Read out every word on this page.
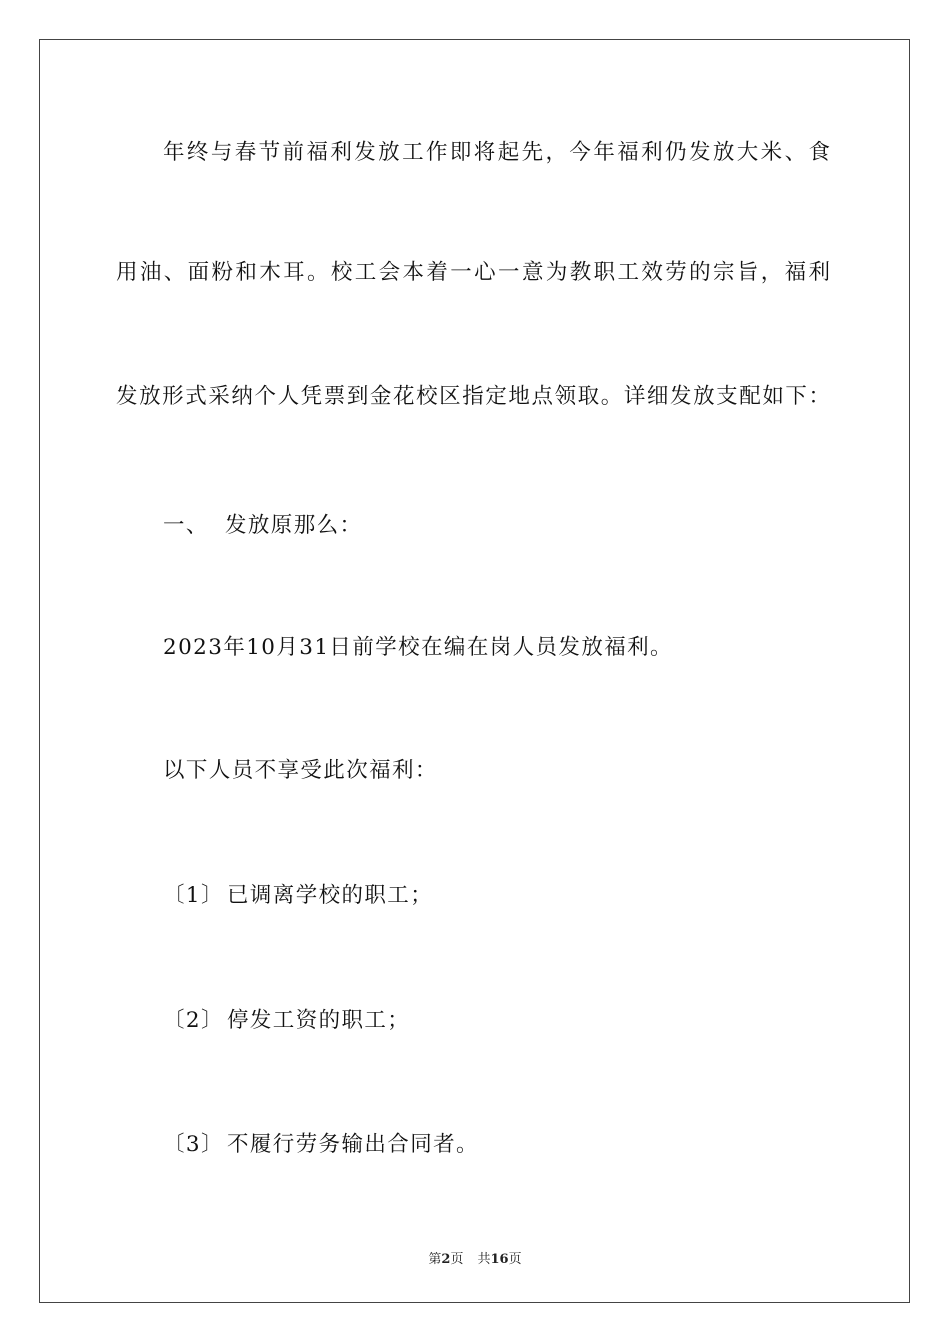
年终与春节前福利发放工作即将起先，今年福利仍发放大米、食
用油、面粉和木耳。校工会本着一心一意为教职工效劳的宗旨，福利
发放形式采纳个人凭票到金花校区指定地点领取。详细发放支配如下：
一、 发放原那么：
2023年10月31日前学校在编在岗人员发放福利。
以下人员不享受此次福利：
〔1〕 已调离学校的职工；
〔2〕 停发工资的职工；
〔3〕 不履行劳务输出合同者。
第2页 共16页
